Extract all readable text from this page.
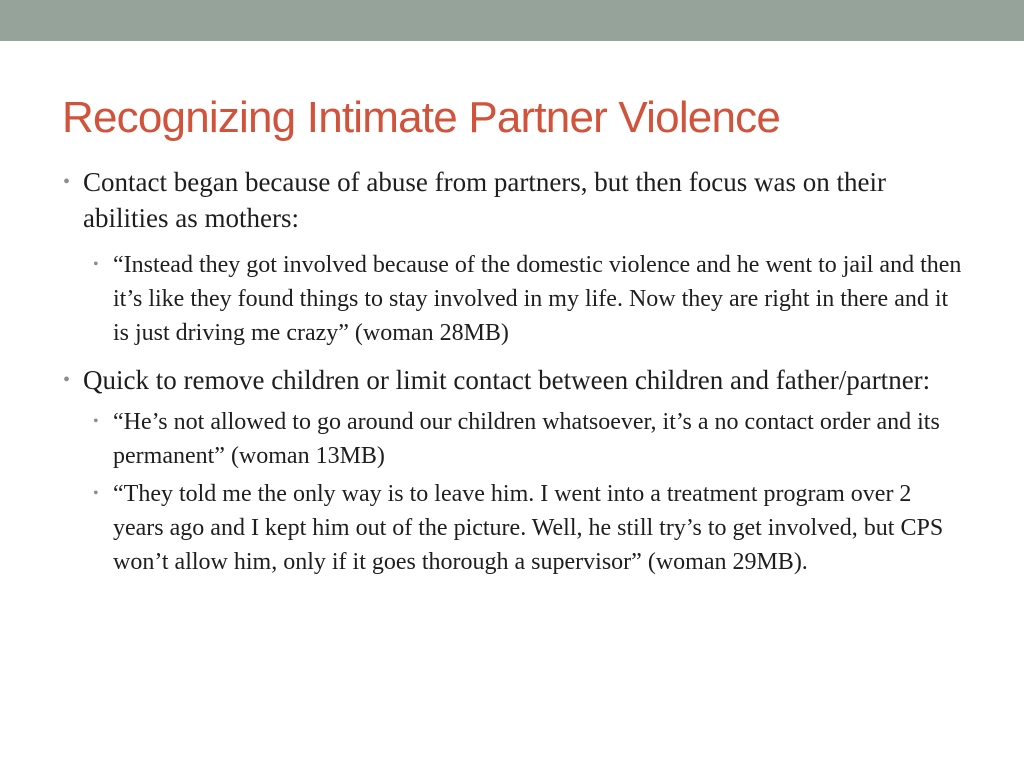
Recognizing Intimate Partner Violence
• Contact began because of abuse from partners, but then focus was on their abilities as mothers:
• “Instead they got involved because of the domestic violence and he went to jail and then it’s like they found things to stay involved in my life. Now they are right in there and it is just driving me crazy” (woman 28MB)
• Quick to remove children or limit contact between children and father/partner:
• “He’s not allowed to go around our children whatsoever, it’s a no contact order and its permanent” (woman 13MB)
• “They told me the only way is to leave him. I went into a treatment program over 2 years ago and I kept him out of the picture. Well, he still try’s to get involved, but CPS won’t allow him, only if it goes thorough a supervisor” (woman 29MB).
